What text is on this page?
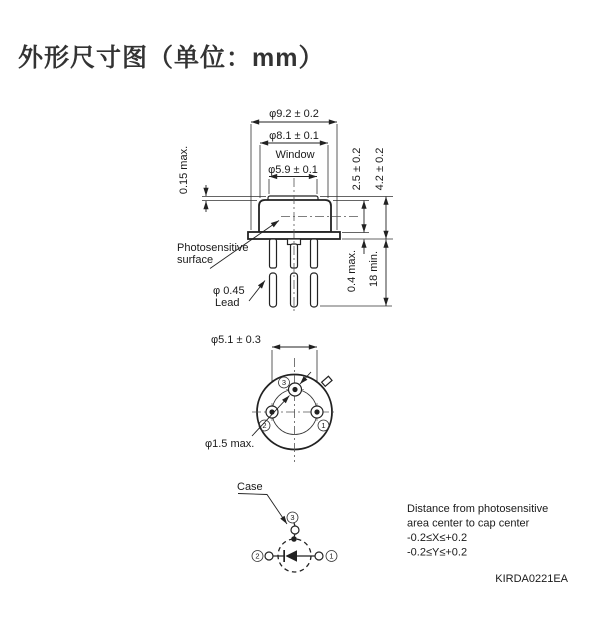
外形尺寸图（单位：mm）
φ9.2 ± 0.2
φ8.1 ± 0.1
Window
φ5.9 ± 0.1
0.15 max.	2.5 ± 0.2 4.2 ± 0.2
0.4 max. 18 min.
Photosensitive
surface
φ 0.45
Lead
φ5.1 ± 0.3
φ1.5 max.
3
2	1
Case
3
2	1
Distance from photosensitive
area center to cap center
-0.2≤X≤+0.2
-0.2≤Y≤+0.2
KIRDA0221EA
